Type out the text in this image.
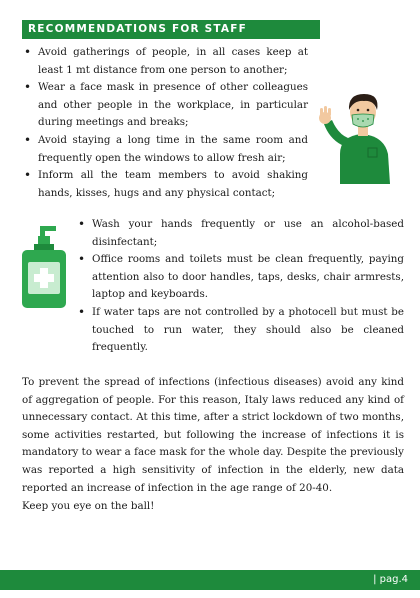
RECOMMENDATIONS FOR STAFF
• Avoid gatherings of people, in all cases keep at least 1 mt distance from one person to another;
• Wear a face mask in presence of other colleagues and other people in the workplace, in particular during meetings and breaks;
• Avoid staying a long time in the same room and frequently open the windows to allow fresh air;
• Inform all the team members to avoid shaking hands, kisses, hugs and any physical contact;
• Wash your hands frequently or use an alcohol-based disinfectant;
• Office rooms and toilets must be clean frequently, paying attention also to door handles, taps, desks, chair armrests, laptop and keyboards.
• If water taps are not controlled by a photocell but must be touched to run water, they should also be cleaned frequently.

To prevent the spread of infections (infectious diseases) avoid any kind of aggregation of people. For this reason, Italy laws reduced any kind of unnecessary contact. At this time, after a strict lockdown of two months, some activities restarted, but following the increase of infections it is mandatory to wear a face mask for the whole day. Despite the previously was reported a high sensitivity of infection in the elderly, new data reported an increase of infection in the age range of 20-40.

Keep you eye on the ball!

| pag.4
